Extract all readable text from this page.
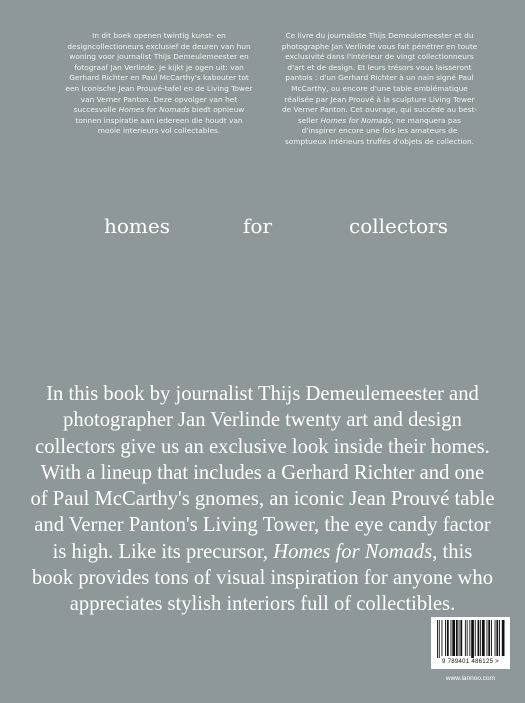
In dit boek openen twintig kunst- en designcollectioneurs exclusief de deuren van hun woning voor journalist Thijs Demeulemeester en fotograaf Jan Verlinde. Je kijkt je ogen uit: van Gerhard Richter en Paul McCarthy's kabouter tot een iconische Jean Prouvé-tafel en de Living Tower van Verner Panton. Deze opvolger van het succesvolle Homes for Nomads biedt opnieuw tonnen inspiratie aan iedereen die houdt van mooie interieurs vol collectables.

Ce livre du journaliste Thijs Demeulemeester et du photographe Jan Verlinde vous fait pénétrer en toute exclusivité dans l'intérieur de vingt collectionneurs d'art et de design. Et leurs trésors vous laisseront pantois : d'un Gerhard Richter à un nain signé Paul McCarthy, ou encore d'une table emblématique réalisée par Jean Prouvé à la sculpture Living Tower de Verner Panton. Cet ouvrage, qui succède au best-seller Homes for Nomads, ne manquera pas d'inspirer encore une fois les amateurs de somptueux intérieurs truffés d'objets de collection.

homes	for	collectors

In this book by journalist Thijs Demeulemeester and photographer Jan Verlinde twenty art and design collectors give us an exclusive look inside their homes. With a lineup that includes a Gerhard Richter and one of Paul McCarthy's gnomes, an iconic Jean Prouvé table and Verner Panton's Living Tower, the eye candy factor is high. Like its precursor, Homes for Nomads, this book provides tons of visual inspiration for anyone who appreciates stylish interiors full of collectibles.

9 789401 486125 >
www.lannoo.com
